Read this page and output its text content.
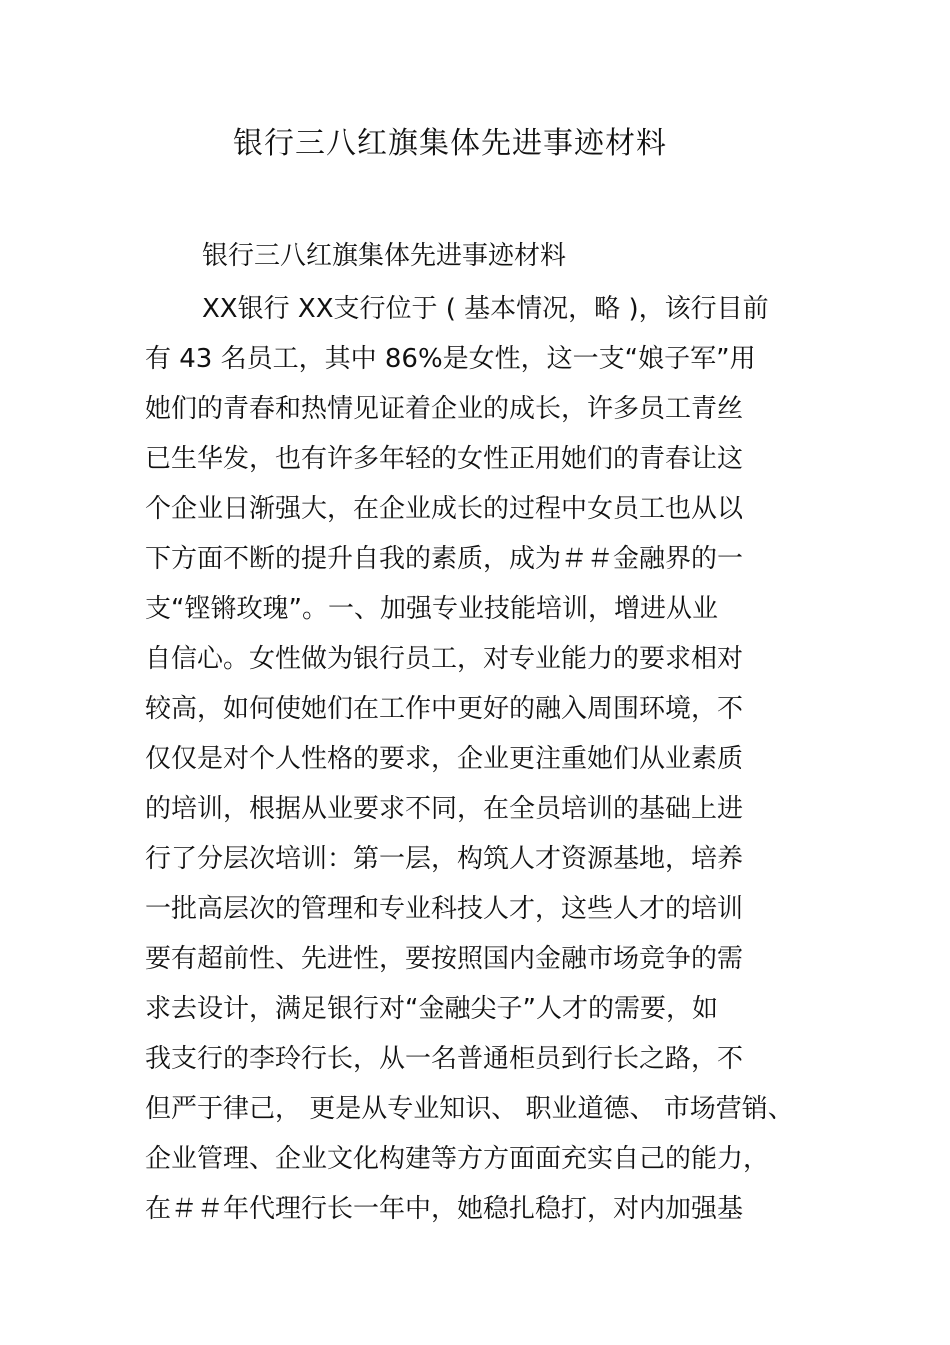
银行三八红旗集体先进事迹材料

银行三八红旗集体先进事迹材料

XX银行 XX支行位于 ( 基本情况，略 )，该行目前
有 43 名员工，其中 86%是女性，这一支“娘子军”用
她们的青春和热情见证着企业的成长，许多员工青丝
已生华发，也有许多年轻的女性正用她们的青春让这
个企业日渐强大，在企业成长的过程中女员工也从以
下方面不断的提升自我的素质，成为＃＃金融界的一
支“铿锵玫瑰”。一、加强专业技能培训，增进从业
自信心。女性做为银行员工，对专业能力的要求相对
较高，如何使她们在工作中更好的融入周围环境，不
仅仅是对个人性格的要求，企业更注重她们从业素质
的培训，根据从业要求不同，在全员培训的基础上进
行了分层次培训：第一层，构筑人才资源基地，培养
一批高层次的管理和专业科技人才，这些人才的培训
要有超前性、先进性，要按照国内金融市场竞争的需
求去设计，满足银行对“金融尖子”人才的需要，如
我支行的李玲行长，从一名普通柜员到行长之路，不
但严于律己， 更是从专业知识、 职业道德、 市场营销、
企业管理、企业文化构建等方方面面充实自己的能力，
在＃＃年代理行长一年中，她稳扎稳打，对内加强基
